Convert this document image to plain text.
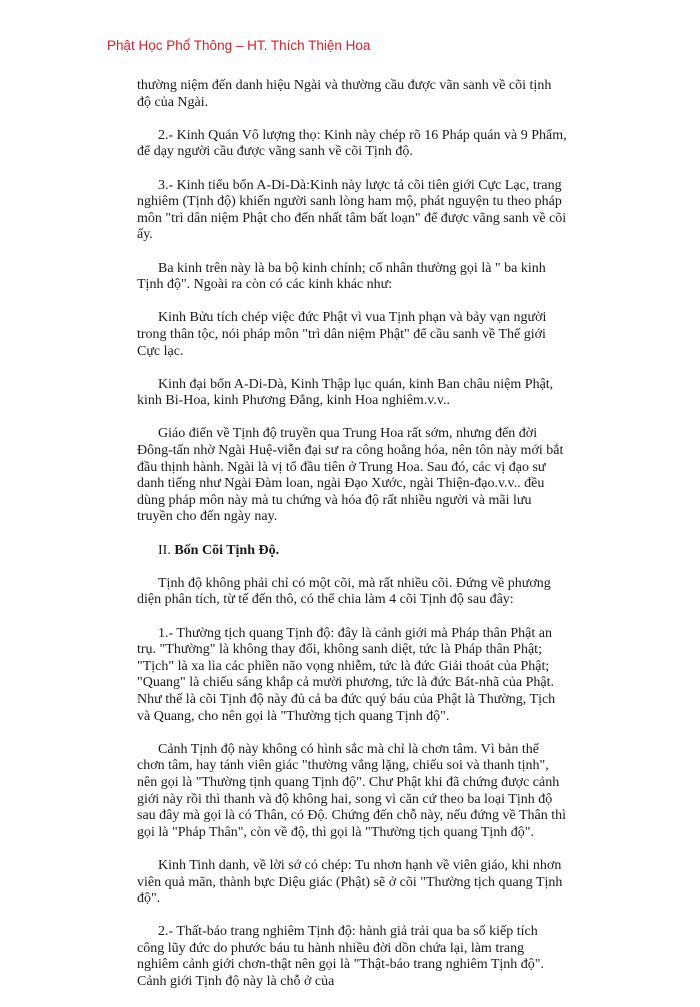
Phật Học Phổ Thông – HT. Thích Thiện Hoa

thường niệm đến danh hiệu Ngài và thường cầu được vãn sanh về cõi tịnh độ của Ngài.

2.- Kinh Quán Vô lượng thọ: Kinh này chép rõ 16 Pháp quán và 9 Phẩm, để dạy người cầu được vãng sanh về cõi Tịnh độ.

3.- Kinh tiểu bổn A-Di-Dà:Kinh này lược tả cõi tiên giới Cực Lạc, trang nghiêm (Tịnh độ) khiến người sanh lòng ham mộ, phát nguyện tu theo pháp môn "trì dân niệm Phật cho đến nhất tâm bất loạn" để được vãng sanh về cõi ấy.

Ba kinh trên này là ba bộ kinh chính; cổ nhân thường gọi là " ba kinh Tịnh độ". Ngoài ra còn có các kinh khác như:

Kinh Bửu tích chép việc đức Phật vì vua Tịnh phạn và bảy vạn người trong thân tộc, nói pháp môn "trì dân niệm Phật" để cầu sanh về Thế giới Cực lạc.

Kinh đại bổn A-Di-Dà, Kinh Thập lục quán, kinh Ban châu niệm Phật, kinh Bi-Hoa, kinh Phương Đẳng, kinh Hoa nghiêm.v.v..

Giáo điển về Tịnh độ truyền qua Trung Hoa rất sớm, nhưng đến đời Đông-tấn nhờ Ngài Huệ-viễn đại sư ra công hoằng hóa, nên tôn này mới bắt đầu thịnh hành. Ngài là vị tổ đầu tiên ở Trung Hoa. Sau đó, các vị đạo sư danh tiếng như Ngài Đàm loan, ngài Đạo Xước, ngài Thiện-đạo.v.v.. đều dùng pháp môn này mà tu chứng và hóa độ rất nhiều người và mãi lưu truyền cho đến ngày nay.

II. Bốn Cõi Tịnh Độ.

Tịnh độ không phải chỉ có một cõi, mà rất nhiều cõi. Đứng về phương diện phân tích, từ tế đến thô, có thể chia làm 4 cõi Tịnh độ sau đây:

1.- Thường tịch quang Tịnh độ: đây là cảnh giới mà Pháp thân Phật an trụ. "Thường" là không thay đổi, không sanh diệt, tức là Pháp thân Phật; "Tịch" là xa lìa các phiền não vọng nhiễm, tức là đức Giải thoát của Phật; "Quang" là chiếu sáng khắp cả mười phương, tức là đức Bát-nhã của Phật. Như thế là cõi Tịnh độ này đủ cả ba đức quý báu của Phật là Thường, Tịch và Quang, cho nên gọi là "Thường tịch quang Tịnh độ".

Cảnh Tịnh độ này không có hình sắc mà chỉ là chơn tâm. Vì bản thể chơn tâm, hay tánh viên giác "thường vắng lặng, chiếu soi và thanh tịnh", nên gọi là "Thường tịnh quang Tịnh độ". Chư Phật khi đã chứng được cảnh giới này rồi thì thanh và độ không hai, song vì căn cứ theo ba loại Tịnh độ sau đây mà gọi là có Thân, có Độ. Chứng đến chỗ này, nếu đứng về Thân thì gọi là "Pháp Thân", còn về độ, thì gọi là "Thường tịch quang Tịnh độ".

Kinh Tinh danh, về lời sớ có chép: Tu nhơn hạnh về viên giáo, khi nhơn viên quả mãn, thành bực Diệu giác (Phật) sẽ ở cõi "Thường tịch quang Tịnh độ".

2.- Thất-báo trang nghiêm Tịnh độ: hành giả trải qua ba số kiếp tích công lũy đức do phước báu tu hành nhiều đời dồn chứa lại, làm trang nghiêm cảnh giới chơn-thật nên gọi là "Thật-báo trang nghiêm Tịnh độ". Cảnh giới Tịnh độ này là chỗ ở của
